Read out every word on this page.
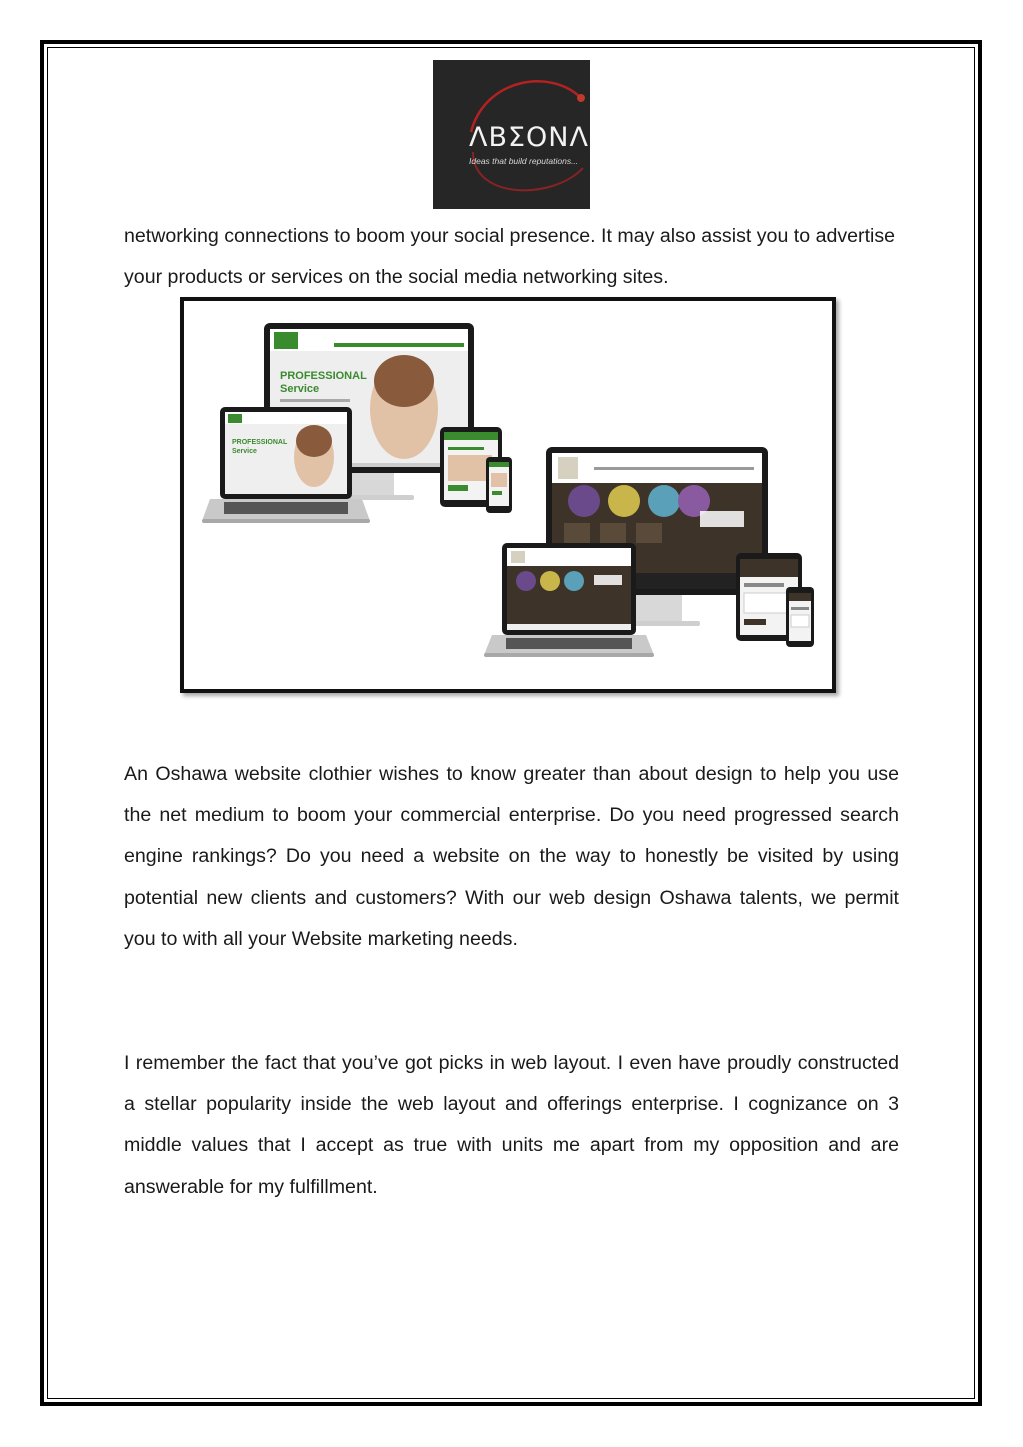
ΛΒΣΟΝΛ
Ideas that build reputations...

networking connections to boom your social presence. It may also assist you to advertise your products or services on the social media networking sites.

PROFESSIONAL
Service
PROFESSIONAL
Service

An Oshawa website clothier wishes to know greater than about design to help you use the net medium to boom your commercial enterprise. Do you need progressed search engine rankings? Do you need a website on the way to honestly be visited by using potential new clients and customers? With our web design Oshawa talents, we permit you to with all your Website marketing needs.

I remember the fact that you’ve got picks in web layout. I even have proudly constructed a stellar popularity inside the web layout and offerings enterprise. I cognizance on 3 middle values that I accept as true with units me apart from my opposition and are answerable for my fulfillment.
